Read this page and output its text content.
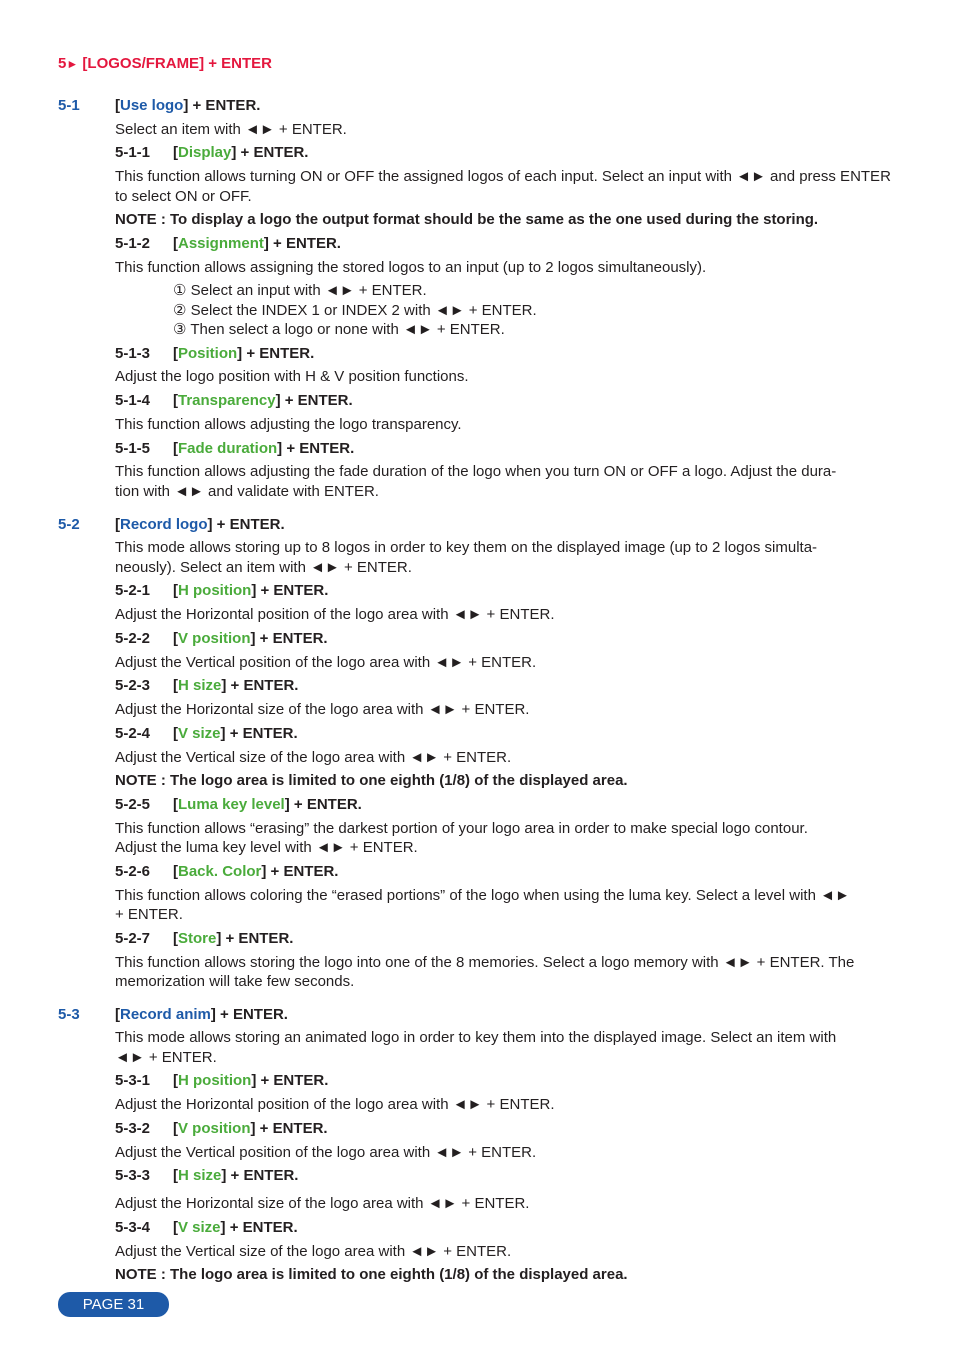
5► [LOGOS/FRAME] + ENTER
5-1 [Use logo] + ENTER.
Select an item with ◄► + ENTER.
5-1-1 [Display] + ENTER.
This function allows turning ON or OFF the assigned logos of each input. Select an input with ◄► and press ENTER to select ON or OFF.
NOTE : To display a logo the output format should be the same as the one used during the storing.
5-1-2 [Assignment] + ENTER.
This function allows assigning the stored logos to an input (up to 2 logos simultaneously).
① Select an input with ◄► + ENTER.
② Select the INDEX 1 or INDEX 2 with ◄► + ENTER.
③ Then select a logo or none with ◄► + ENTER.
5-1-3 [Position] + ENTER.
Adjust the logo position with H & V position functions.
5-1-4 [Transparency] + ENTER.
This function allows adjusting the logo transparency.
5-1-5 [Fade duration] + ENTER.
This function allows adjusting the fade duration of the logo when you turn ON or OFF a logo. Adjust the dura-
tion with ◄► and validate with ENTER.
5-2 [Record logo] + ENTER.
This mode allows storing up to 8 logos in order to key them on the displayed image (up to 2 logos simulta-
neously). Select an item with ◄► + ENTER.
5-2-1 [H position] + ENTER.
Adjust the Horizontal position of the logo area with ◄► + ENTER.
5-2-2 [V position] + ENTER.
Adjust the Vertical position of the logo area with ◄► + ENTER.
5-2-3 [H size] + ENTER.
Adjust the Horizontal size of the logo area with ◄► + ENTER.
5-2-4 [V size] + ENTER.
Adjust the Vertical size of the logo area with ◄► + ENTER.
NOTE : The logo area is limited to one eighth (1/8) of the displayed area.
5-2-5 [Luma key level] + ENTER.
This function allows “erasing” the darkest portion of your logo area in order to make special logo contour.
Adjust the luma key level with ◄► + ENTER.
5-2-6 [Back. Color] + ENTER.
This function allows coloring the “erased portions” of the logo when using the luma key. Select a level with ◄►
+ ENTER.
5-2-7 [Store] + ENTER.
This function allows storing the logo into one of the 8 memories. Select a logo memory with ◄► + ENTER. The
memorization will take few seconds.
5-3 [Record anim] + ENTER.
This mode allows storing an animated logo in order to key them into the displayed image. Select an item with
◄► + ENTER.
5-3-1 [H position] + ENTER.
Adjust the Horizontal position of the logo area with ◄► + ENTER.
5-3-2 [V position] + ENTER.
Adjust the Vertical position of the logo area with ◄► + ENTER.
5-3-3 [H size] + ENTER.
Adjust the Horizontal size of the logo area with ◄► + ENTER.
5-3-4 [V size] + ENTER.
Adjust the Vertical size of the logo area with ◄► + ENTER.
NOTE : The logo area is limited to one eighth (1/8) of the displayed area.
PAGE 31
